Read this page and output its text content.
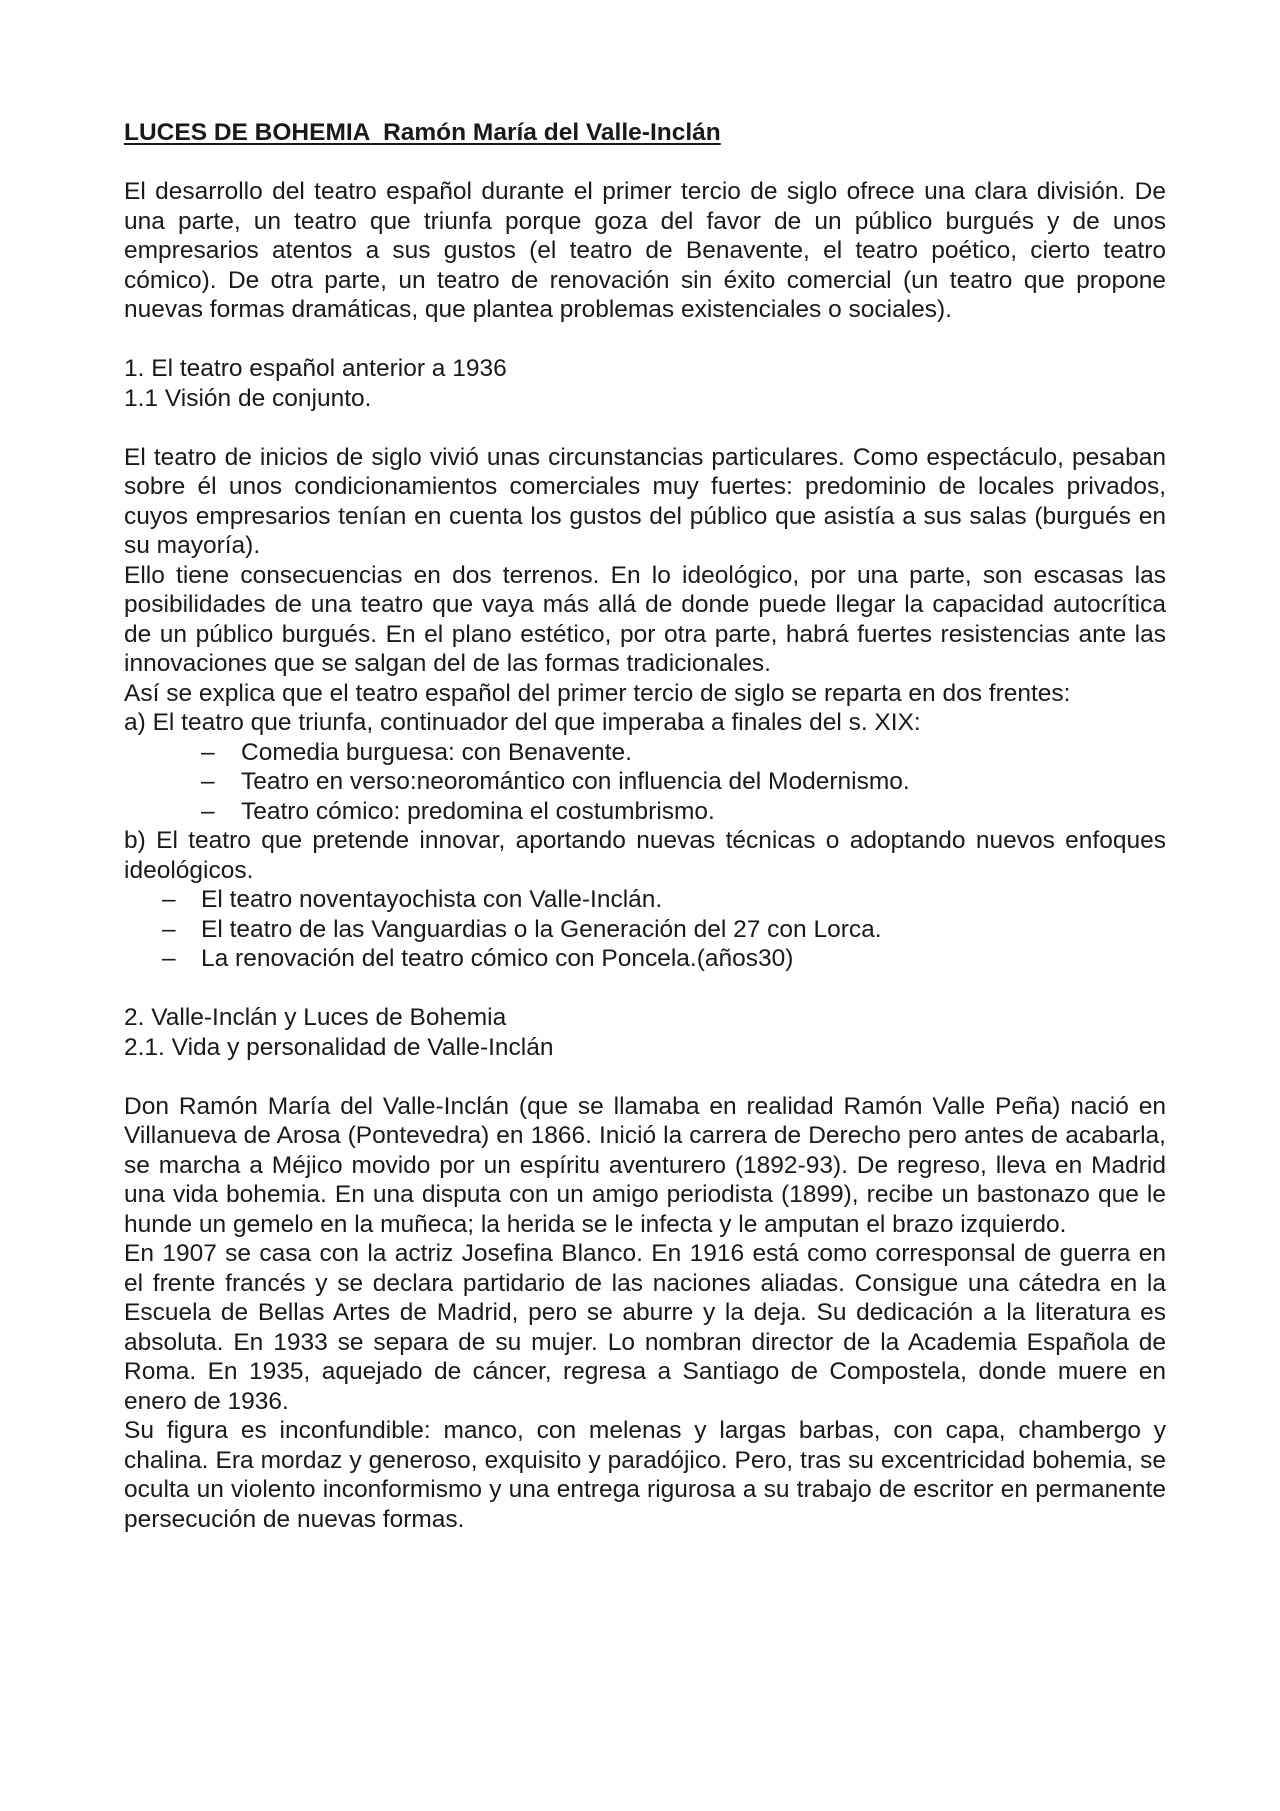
LUCES DE BOHEMIA  Ramón María del Valle-Inclán

El desarrollo del teatro español durante el primer tercio de siglo ofrece una clara división. De una parte, un teatro que triunfa porque goza del favor de un público burgués y de unos empresarios atentos a sus gustos (el teatro de Benavente, el teatro poético, cierto teatro cómico). De otra parte, un teatro de renovación sin éxito comercial (un teatro que propone nuevas formas dramáticas, que plantea problemas existenciales o sociales).

1. El teatro español anterior a 1936

1.1 Visión de conjunto.

El teatro de inicios de siglo vivió unas circunstancias particulares. Como espectáculo, pesaban sobre él unos condicionamientos comerciales muy fuertes: predominio de locales privados, cuyos empresarios tenían en cuenta los gustos del público que asistía a sus salas (burgués en su mayoría).

Ello tiene consecuencias en dos terrenos. En lo ideológico, por una parte, son escasas las posibilidades de una teatro que vaya más allá de donde puede llegar la capacidad autocrítica de un público burgués. En el plano estético, por otra parte, habrá fuertes resistencias ante las innovaciones que se salgan del de las formas tradicionales.

Así se explica que el teatro español del primer tercio de siglo se reparta en dos frentes:

a) El teatro que triunfa, continuador del que imperaba a finales del s. XIX:

– Comedia burguesa: con Benavente.
– Teatro en verso:neoromántico con influencia del Modernismo.
– Teatro cómico: predomina el costumbrismo.

b) El teatro que pretende innovar, aportando nuevas técnicas o adoptando nuevos enfoques ideológicos.

– El teatro noventayochista con Valle-Inclán.
– El teatro de las Vanguardias o la Generación del 27 con Lorca.
– La renovación del teatro cómico con Poncela.(años30)

2. Valle-Inclán y Luces de Bohemia

2.1. Vida y personalidad de Valle-Inclán

Don Ramón María del Valle-Inclán (que se llamaba en realidad Ramón Valle Peña) nació en Villanueva de Arosa (Pontevedra) en 1866. Inició la carrera de Derecho pero antes de acabarla, se marcha a Méjico movido por un espíritu aventurero (1892-93). De regreso, lleva en Madrid una vida bohemia. En una disputa con un amigo periodista (1899), recibe un bastonazo que le hunde un gemelo en la muñeca; la herida se le infecta y le amputan el brazo izquierdo.

En 1907 se casa con la actriz Josefina Blanco. En 1916 está como corresponsal de guerra en el frente francés y se declara partidario de las naciones aliadas. Consigue una cátedra en la Escuela de Bellas Artes de Madrid, pero se aburre y la deja. Su dedicación a la literatura es absoluta. En 1933 se separa de su mujer. Lo nombran director de la Academia Española de Roma. En 1935, aquejado de cáncer, regresa a Santiago de Compostela, donde muere en enero de 1936.

Su figura es inconfundible: manco, con melenas y largas barbas, con capa, chambergo y chalina. Era mordaz y generoso, exquisito y paradójico. Pero, tras su excentricidad bohemia, se oculta un violento inconformismo y una entrega rigurosa a su trabajo de escritor en permanente persecución de nuevas formas.
